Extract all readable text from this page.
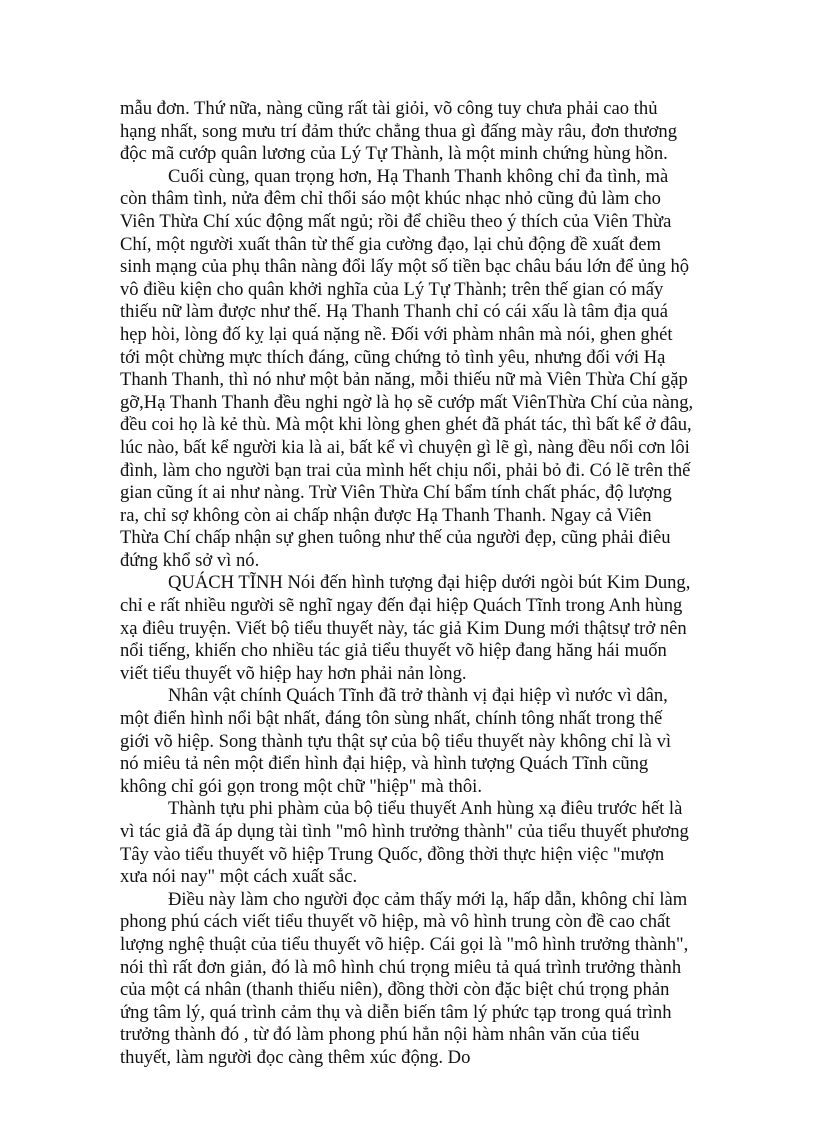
mẫu đơn. Thứ nữa, nàng cũng rất tài giỏi, võ công tuy chưa phải cao thủ hạng nhất, song mưu trí đảm thức chẳng thua gì đấng mày râu, đơn thương độc mã cướp quân lương của Lý Tự Thành, là một minh chứng hùng hồn.

Cuối cùng, quan trọng hơn, Hạ Thanh Thanh không chỉ đa tình, mà còn thâm tình, nửa đêm chỉ thổi sáo một khúc nhạc nhỏ cũng đủ làm cho Viên Thừa Chí xúc động mất ngủ; rồi để chiều theo ý thích của Viên Thừa Chí, một người xuất thân từ thế gia cường đạo, lại chủ động đề xuất đem sinh mạng của phụ thân nàng đổi lấy một số tiền bạc châu báu lớn để ủng hộ vô điều kiện cho quân khởi nghĩa của Lý Tự Thành; trên thế gian có mấy thiếu nữ làm được như thế. Hạ Thanh Thanh chỉ có cái xấu là tâm địa quá hẹp hòi, lòng đố kỵ lại quá nặng nề. Đối với phàm nhân mà nói, ghen ghét tới một chừng mực thích đáng, cũng chứng tỏ tình yêu, nhưng đối với Hạ Thanh Thanh, thì nó như một bản năng, mỗi thiếu nữ mà Viên Thừa Chí gặp gỡ,Hạ Thanh Thanh đều nghi ngờ là họ sẽ cướp mất ViênThừa Chí của nàng, đều coi họ là kẻ thù. Mà một khi lòng ghen ghét đã phát tác, thì bất kể ở đâu, lúc nào, bất kể người kia là ai, bất kể vì chuyện gì lẽ gì, nàng đều nổi cơn lôi đình, làm cho người bạn trai của mình hết chịu nổi, phải bỏ đi. Có lẽ trên thế gian cũng ít ai như nàng. Trừ Viên Thừa Chí bẩm tính chất phác, độ lượng ra, chỉ sợ không còn ai chấp nhận được Hạ Thanh Thanh. Ngay cả Viên Thừa Chí chấp nhận sự ghen tuông như thế của người đẹp, cũng phải điêu đứng khổ sở vì nó.

QUÁCH TĨNH Nói đến hình tượng đại hiệp dưới ngòi bút Kim Dung, chỉ e rất nhiều người sẽ nghĩ ngay đến đại hiệp Quách Tĩnh trong Anh hùng xạ điêu truyện. Viết bộ tiểu thuyết này, tác giả Kim Dung mới thậtsự trở nên nổi tiếng, khiến cho nhiều tác giả tiểu thuyết võ hiệp đang hăng hái muốn viết tiểu thuyết võ hiệp hay hơn phải nản lòng.

Nhân vật chính Quách Tĩnh đã trở thành vị đại hiệp vì nước vì dân, một điển hình nổi bật nhất, đáng tôn sùng nhất, chính tông nhất trong thế giới võ hiệp. Song thành tựu thật sự của bộ tiểu thuyết này không chỉ là vì nó miêu tả nên một điển hình đại hiệp, và hình tượng Quách Tĩnh cũng không chỉ gói gọn trong một chữ "hiệp" mà thôi.

Thành tựu phi phàm của bộ tiểu thuyết Anh hùng xạ điêu trước hết là vì tác giả đã áp dụng tài tình "mô hình trưởng thành" của tiểu thuyết phương Tây vào tiểu thuyết võ hiệp Trung Quốc, đồng thời thực hiện việc "mượn xưa nói nay" một cách xuất sắc.

Điều này làm cho người đọc cảm thấy mới lạ, hấp dẫn, không chỉ làm phong phú cách viết tiểu thuyết võ hiệp, mà vô hình trung còn đề cao chất lượng nghệ thuật của tiểu thuyết võ hiệp. Cái gọi là "mô hình trưởng thành", nói thì rất đơn giản, đó là mô hình chú trọng miêu tả quá trình trưởng thành của một cá nhân (thanh thiếu niên), đồng thời còn đặc biệt chú trọng phản ứng tâm lý, quá trình cảm thụ và diễn biến tâm lý phức tạp trong quá trình trưởng thành đó , từ đó làm phong phú hẳn nội hàm nhân văn của tiểu thuyết, làm người đọc càng thêm xúc động. Do
